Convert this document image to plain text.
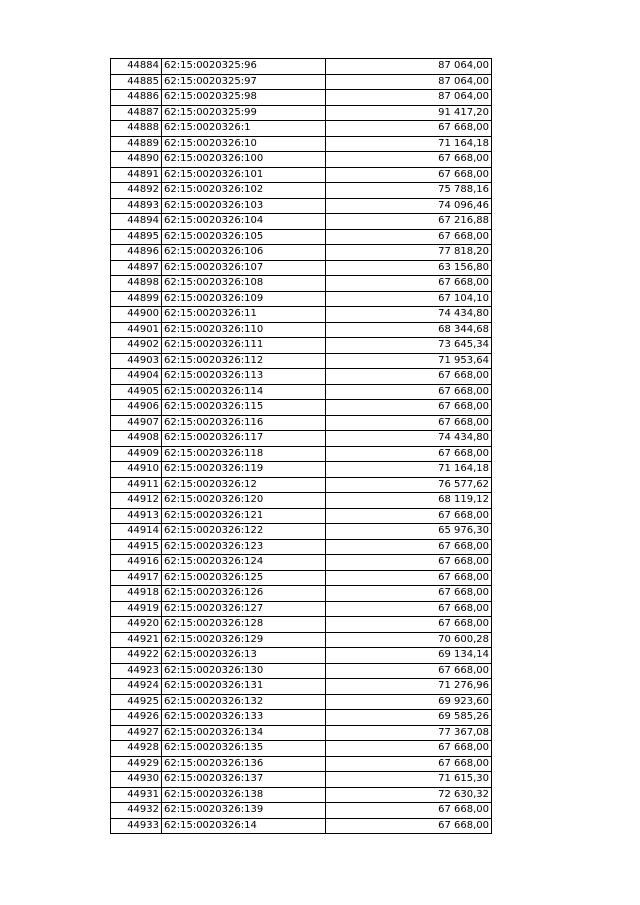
44884	62:15:0020325:96	87 064,00
44885	62:15:0020325:97	87 064,00
44886	62:15:0020325:98	87 064,00
44887	62:15:0020325:99	91 417,20
44888	62:15:0020326:1	67 668,00
44889	62:15:0020326:10	71 164,18
44890	62:15:0020326:100	67 668,00
44891	62:15:0020326:101	67 668,00
44892	62:15:0020326:102	75 788,16
44893	62:15:0020326:103	74 096,46
44894	62:15:0020326:104	67 216,88
44895	62:15:0020326:105	67 668,00
44896	62:15:0020326:106	77 818,20
44897	62:15:0020326:107	63 156,80
44898	62:15:0020326:108	67 668,00
44899	62:15:0020326:109	67 104,10
44900	62:15:0020326:11	74 434,80
44901	62:15:0020326:110	68 344,68
44902	62:15:0020326:111	73 645,34
44903	62:15:0020326:112	71 953,64
44904	62:15:0020326:113	67 668,00
44905	62:15:0020326:114	67 668,00
44906	62:15:0020326:115	67 668,00
44907	62:15:0020326:116	67 668,00
44908	62:15:0020326:117	74 434,80
44909	62:15:0020326:118	67 668,00
44910	62:15:0020326:119	71 164,18
44911	62:15:0020326:12	76 577,62
44912	62:15:0020326:120	68 119,12
44913	62:15:0020326:121	67 668,00
44914	62:15:0020326:122	65 976,30
44915	62:15:0020326:123	67 668,00
44916	62:15:0020326:124	67 668,00
44917	62:15:0020326:125	67 668,00
44918	62:15:0020326:126	67 668,00
44919	62:15:0020326:127	67 668,00
44920	62:15:0020326:128	67 668,00
44921	62:15:0020326:129	70 600,28
44922	62:15:0020326:13	69 134,14
44923	62:15:0020326:130	67 668,00
44924	62:15:0020326:131	71 276,96
44925	62:15:0020326:132	69 923,60
44926	62:15:0020326:133	69 585,26
44927	62:15:0020326:134	77 367,08
44928	62:15:0020326:135	67 668,00
44929	62:15:0020326:136	67 668,00
44930	62:15:0020326:137	71 615,30
44931	62:15:0020326:138	72 630,32
44932	62:15:0020326:139	67 668,00
44933	62:15:0020326:14	67 668,00
